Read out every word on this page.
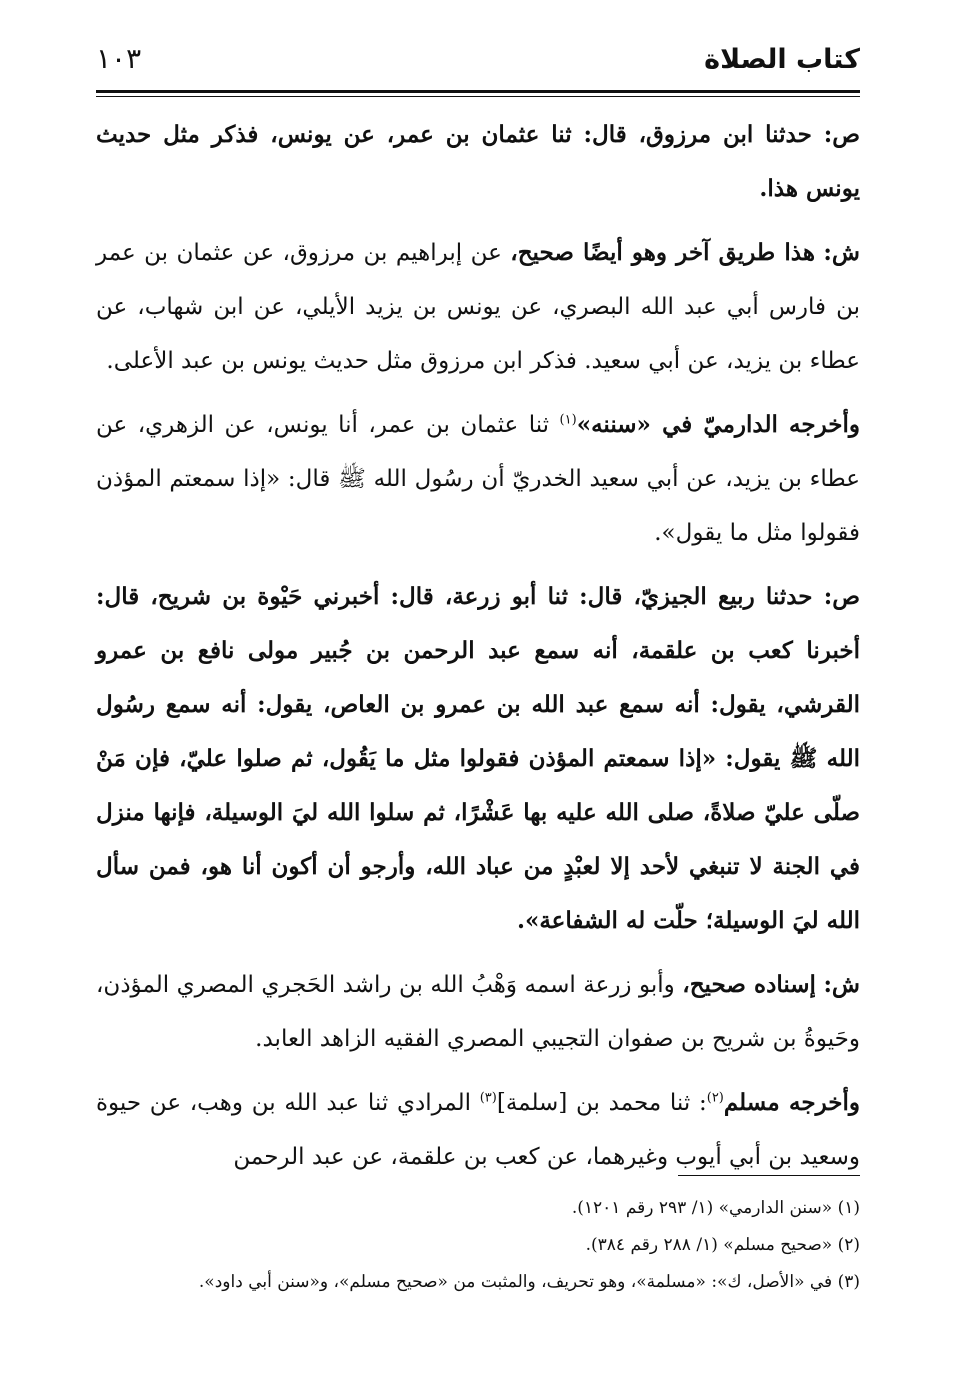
كتاب الصلاة
١٠٣

ص: حدثنا ابن مرزوق، قال: ثنا عثمان بن عمر، عن يونس، فذكر مثل حديث يونس هذا.

ش: هذا طريق آخر وهو أيضًا صحيح، عن إبراهيم بن مرزوق، عن عثمان بن عمر بن فارس أبي عبد الله البصري، عن يونس بن يزيد الأيلي، عن ابن شهاب، عن عطاء بن يزيد، عن أبي سعيد. فذكر ابن مرزوق مثل حديث يونس بن عبد الأعلى.

وأخرجه الدارميّ في «سننه»$^{(١)}$ ثنا عثمان بن عمر، أنا يونس، عن الزهري، عن عطاء بن يزيد، عن أبي سعيد الخدريّ أن رسُول الله ﷺ قال: «إذا سمعتم المؤذن فقولوا مثل ما يقول».

ص: حدثنا ربيع الجيزيّ، قال: ثنا أبو زرعة، قال: أخبرني حَيْوة بن شريح، قال: أخبرنا كعب بن علقمة، أنه سمع عبد الرحمن بن جُبير مولى نافع بن عمرو القرشي، يقول: أنه سمع عبد الله بن عمرو بن العاص، يقول: أنه سمع رسُول الله ﷺ يقول: «إذا سمعتم المؤذن فقولوا مثل ما يَقُول، ثم صلوا عليّ، فإن مَنْ صلّى عليّ صلاةً، صلى الله عليه بها عَشْرًا، ثم سلوا الله ليَ الوسيلة، فإنها منزل في الجنة لا تنبغي لأحد إلا لعبْدٍ من عباد الله، وأرجو أن أكون أنا هو، فمن سأل الله ليَ الوسيلة؛ حلّت له الشفاعة».

ش: إسناده صحيح، وأبو زرعة اسمه وَهْبُ الله بن راشد الحَجري المصري المؤذن، وحَيوةُ بن شريح بن صفوان التجيبي المصري الفقيه الزاهد العابد.

وأخرجه مسلم$^{(٢)}$: ثنا محمد بن [سلمة]$^{(٣)}$ المرادي ثنا عبد الله بن وهب، عن حيوة وسعيد بن أبي أيوب وغيرهما، عن كعب بن علقمة، عن عبد الرحمن

(١) «سنن الدارمي» (١/ ٢٩٣ رقم ١٢٠١).

(٢) «صحيح مسلم» (١/ ٢٨٨ رقم ٣٨٤).

(٣) في «الأصل، ك»: «مسلمة»، وهو تحريف، والمثبت من «صحيح مسلم»، و«سنن أبي داود».
